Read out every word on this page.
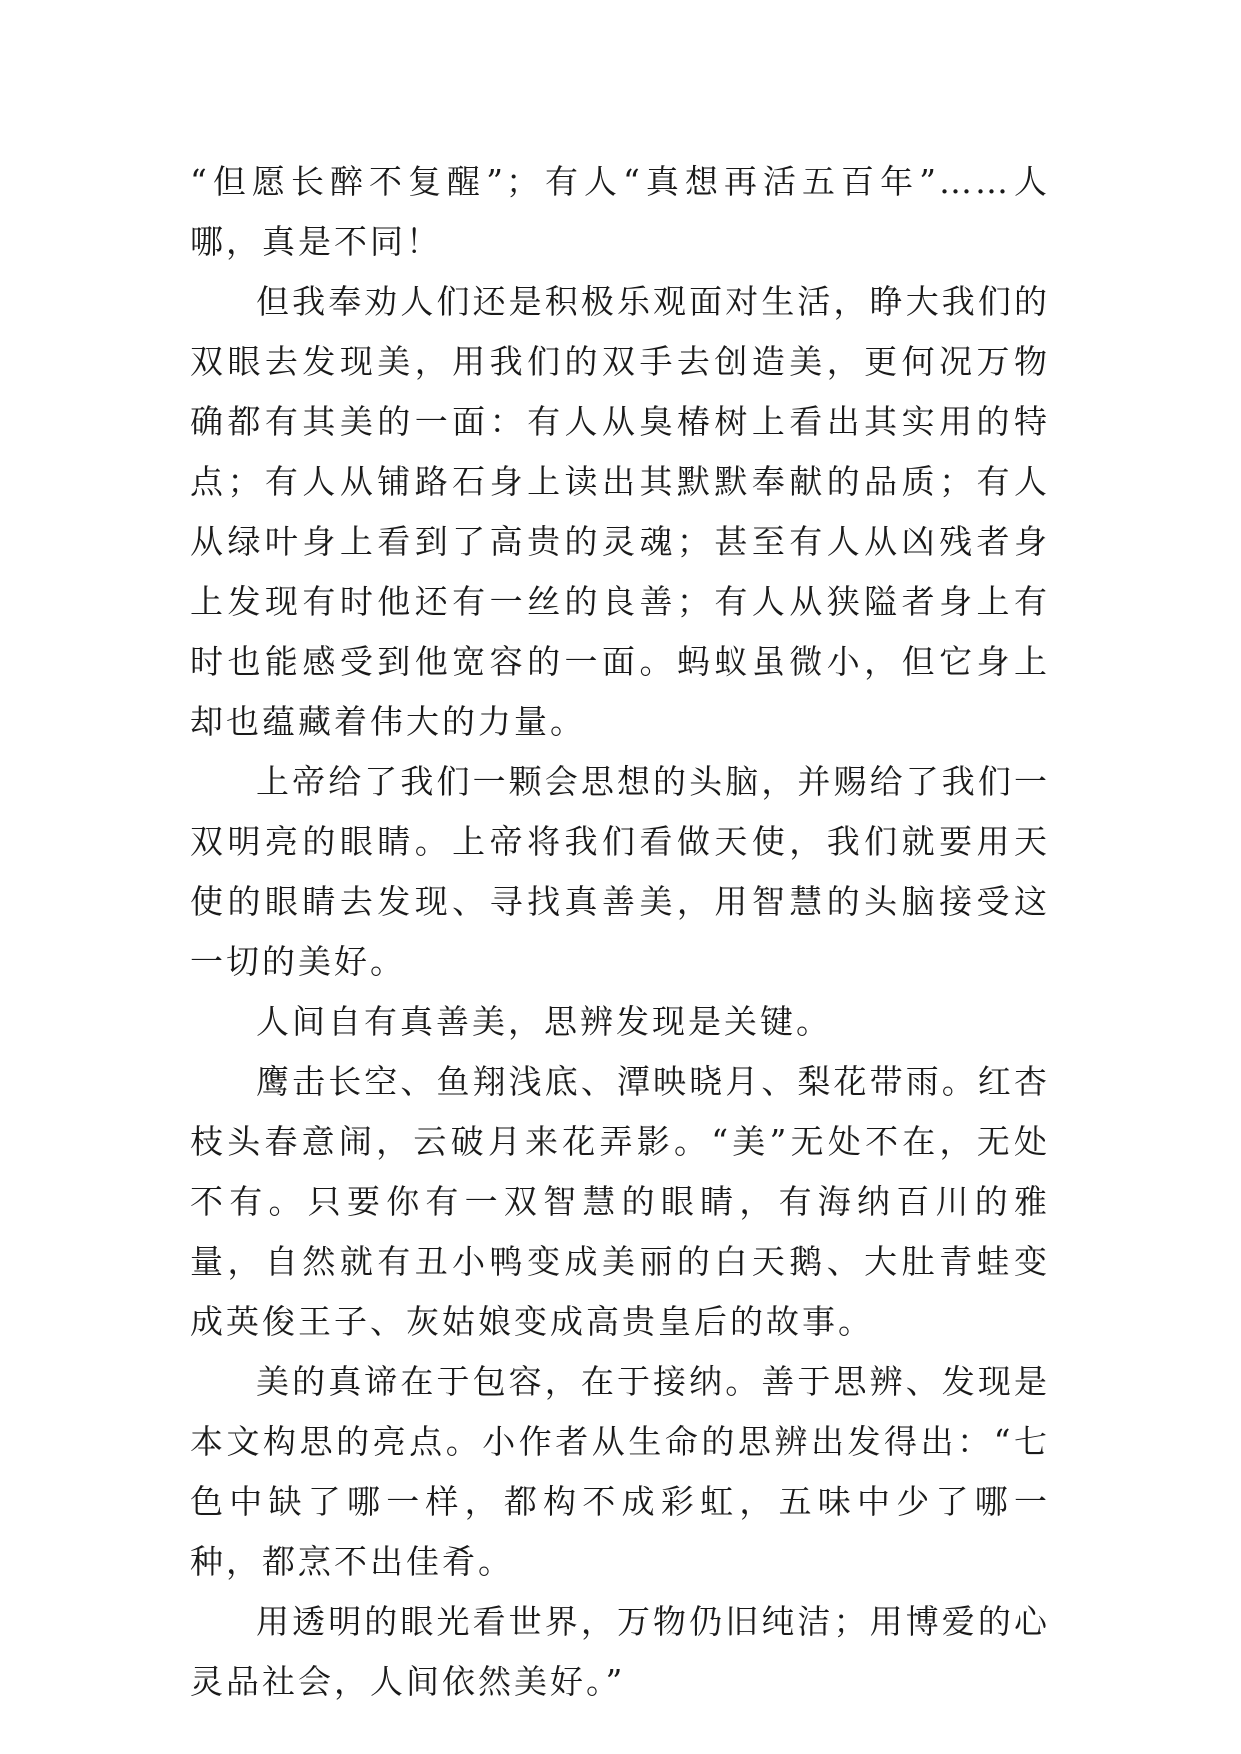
“但愿长醉不复醒”；有人“真想再活五百年”……人哪，真是不同！

但我奉劝人们还是积极乐观面对生活，睁大我们的双眼去发现美，用我们的双手去创造美，更何况万物确都有其美的一面：有人从臭椿树上看出其实用的特点；有人从铺路石身上读出其默默奉献的品质；有人从绿叶身上看到了高贵的灵魂；甚至有人从凶残者身上发现有时他还有一丝的良善；有人从狭隘者身上有时也能感受到他宽容的一面。蚂蚁虽微小，但它身上却也蕴藏着伟大的力量。

上帝给了我们一颗会思想的头脑，并赐给了我们一双明亮的眼睛。上帝将我们看做天使，我们就要用天使的眼睛去发现、寻找真善美，用智慧的头脑接受这一切的美好。

人间自有真善美，思辨发现是关键。

鹰击长空、鱼翔浅底、潭映晓月、梨花带雨。红杏枝头春意闹，云破月来花弄影。“美”无处不在，无处不有。只要你有一双智慧的眼睛，有海纳百川的雅量，自然就有丑小鸭变成美丽的白天鹅、大肚青蛙变成英俊王子、灰姑娘变成高贵皇后的故事。

美的真谛在于包容，在于接纳。善于思辨、发现是本文构思的亮点。小作者从生命的思辨出发得出：“七色中缺了哪一样，都构不成彩虹，五味中少了哪一种，都烹不出佳肴。

用透明的眼光看世界，万物仍旧纯洁；用博爱的心灵品社会，人间依然美好。”
